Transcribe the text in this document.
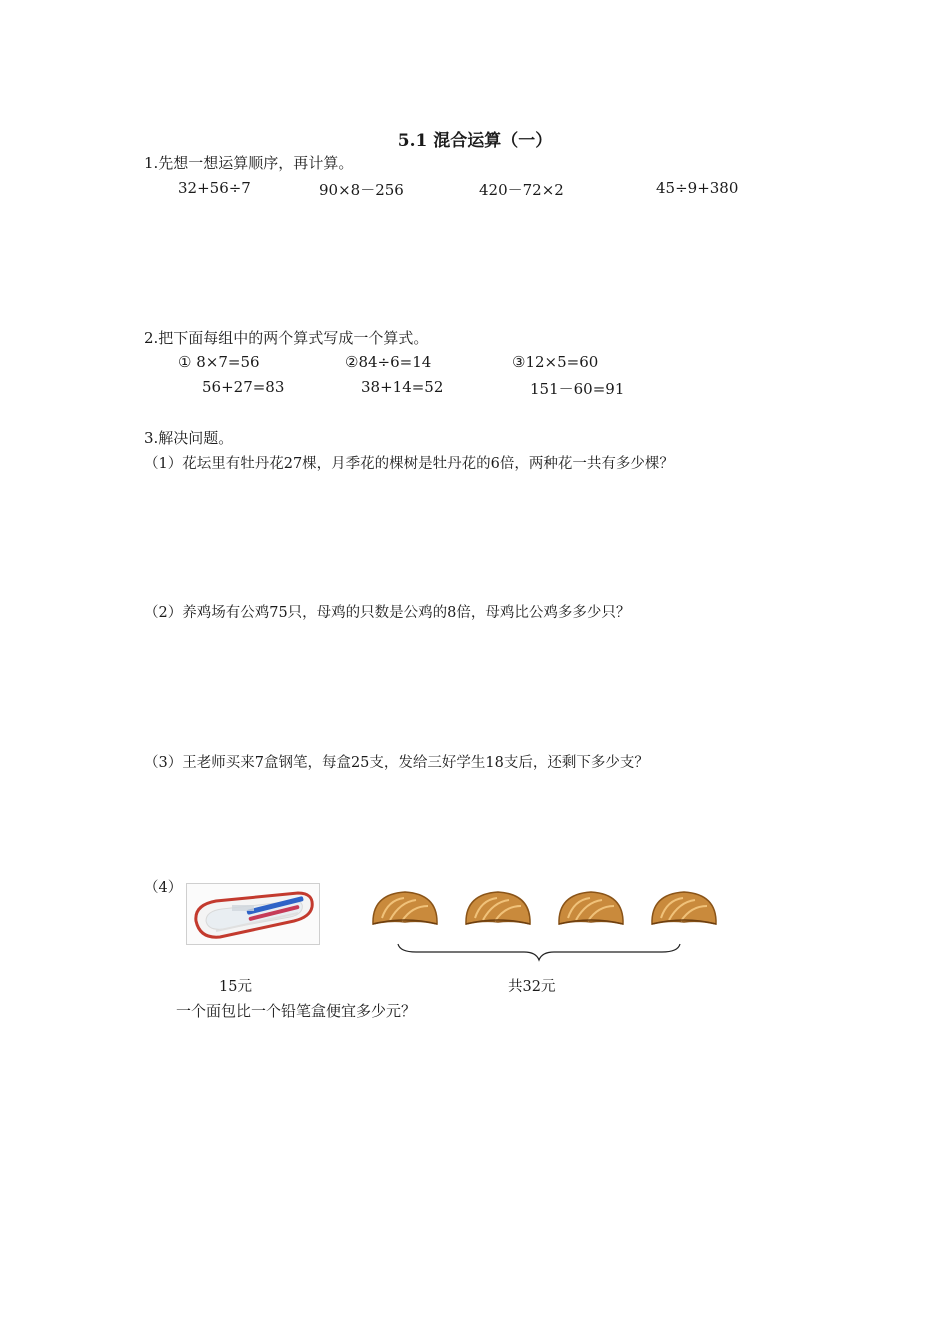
5.1 混合运算（一）
1.先想一想运算顺序，再计算。
32+56÷7	90×8－256	420－72×2	45÷9+380
2.把下面每组中的两个算式写成一个算式。
① 8×7=56
56+27=83
②84÷6=14
38+14=52
③12×5=60
151－60=91
3.解决问题。
（1）花坛里有牡丹花27棵，月季花的棵树是牡丹花的6倍，两种花一共有多少棵？
（2）养鸡场有公鸡75只，母鸡的只数是公鸡的8倍，母鸡比公鸡多多少只？
（3）王老师买来7盒钢笔，每盒25支，发给三好学生18支后，还剩下多少支？
（4）
15元	共32元
一个面包比一个铅笔盒便宜多少元？
